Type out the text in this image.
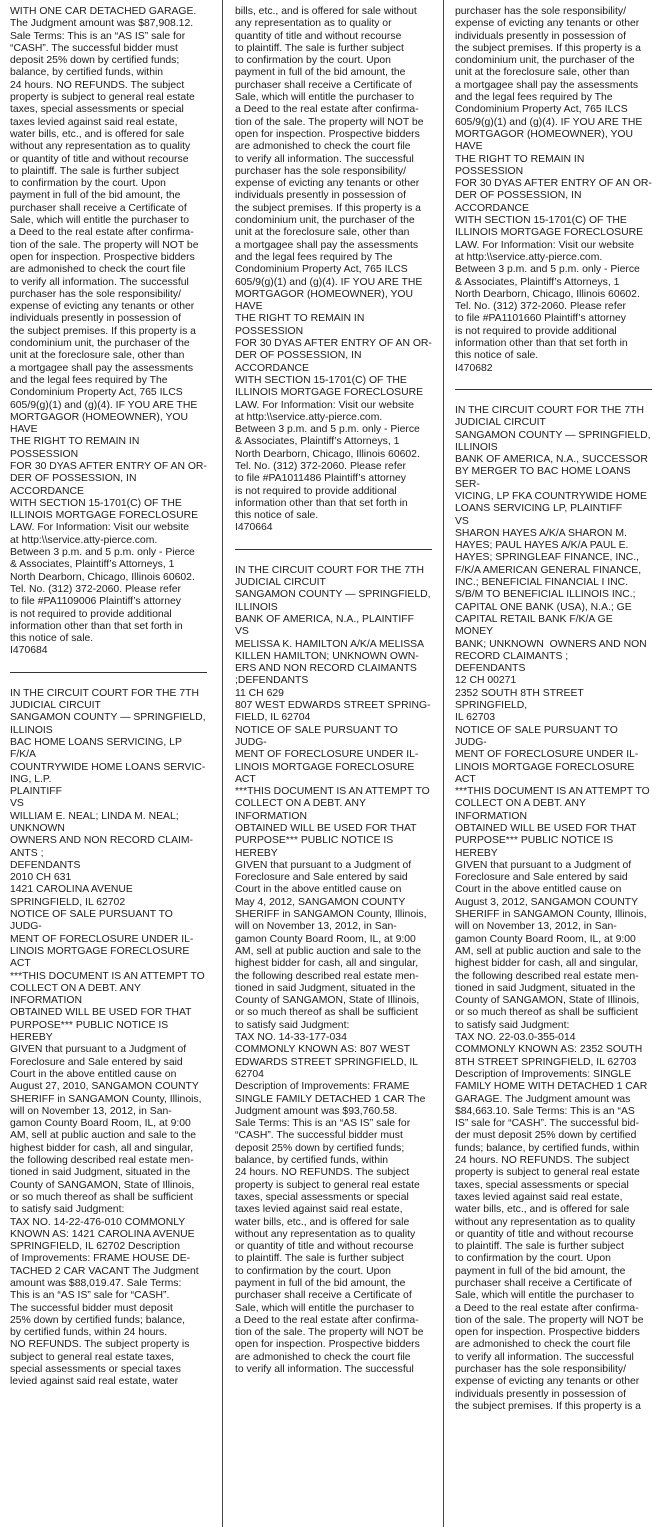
WITH ONE CAR DETACHED GARAGE.
The Judgment amount was $87,908.12.
Sale Terms: This is an “AS IS” sale for
“CASH”. The successful bidder must
deposit 25% down by certified funds;
balance, by certified funds, within
24 hours. NO REFUNDS. The subject
property is subject to general real estate
taxes, special assessments or special
taxes levied against said real estate,
water bills, etc., and is offered for sale
without any representation as to quality
or quantity of title and without recourse
to plaintiff. The sale is further subject
to confirmation by the court. Upon
payment in full of the bid amount, the
purchaser shall receive a Certificate of
Sale, which will entitle the purchaser to
a Deed to the real estate after confirma-
tion of the sale. The property will NOT be
open for inspection. Prospective bidders
are admonished to check the court file
to verify all information. The successful
purchaser has the sole responsibility/
expense of evicting any tenants or other
individuals presently in possession of
the subject premises. If this property is a
condominium unit, the purchaser of the
unit at the foreclosure sale, other than
a mortgagee shall pay the assessments
and the legal fees required by The
Condominium Property Act, 765 ILCS
605/9(g)(1) and (g)(4). IF YOU ARE THE
MORTGAGOR (HOMEOWNER), YOU HAVE
THE RIGHT TO REMAIN IN POSSESSION
FOR 30 DYAS AFTER ENTRY OF AN OR-
DER OF POSSESSION, IN ACCORDANCE
WITH SECTION 15-1701(C) OF THE
ILLINOIS MORTGAGE FORECLOSURE
LAW. For Information: Visit our website
at http:\\service.atty-pierce.com.
Between 3 p.m. and 5 p.m. only - Pierce
& Associates, Plaintiff’s Attorneys, 1
North Dearborn, Chicago, Illinois 60602.
Tel. No. (312) 372-2060. Please refer
to file #PA1109006 Plaintiff’s attorney
is not required to provide additional
information other than that set forth in
this notice of sale.
I470684

IN THE CIRCUIT COURT FOR THE 7TH
JUDICIAL CIRCUIT
SANGAMON COUNTY — SPRINGFIELD,
ILLINOIS
BAC HOME LOANS SERVICING, LP F/K/A
COUNTRYWIDE HOME LOANS SERVIC-
ING, L.P.
PLAINTIFF
VS
WILLIAM E. NEAL; LINDA M. NEAL;
UNKNOWN
OWNERS AND NON RECORD CLAIM-
ANTS ;
DEFENDANTS
2010 CH 631
1421 CAROLINA AVENUE
SPRINGFIELD, IL 62702
NOTICE OF SALE PURSUANT TO JUDG-
MENT OF FORECLOSURE UNDER IL-
LINOIS MORTGAGE FORECLOSURE ACT
***THIS DOCUMENT IS AN ATTEMPT TO
COLLECT ON A DEBT. ANY INFORMATION
OBTAINED WILL BE USED FOR THAT
PURPOSE*** PUBLIC NOTICE IS HEREBY
GIVEN that pursuant to a Judgment of
Foreclosure and Sale entered by said
Court in the above entitled cause on
August 27, 2010, SANGAMON COUNTY
SHERIFF in SANGAMON County, Illinois,
will on November 13, 2012, in San-
gamon County Board Room, IL, at 9:00
AM, sell at public auction and sale to the
highest bidder for cash, all and singular,
the following described real estate men-
tioned in said Judgment, situated in the
County of SANGAMON, State of Illinois,
or so much thereof as shall be sufficient
to satisfy said Judgment:
TAX NO. 14-22-476-010 COMMONLY
KNOWN AS: 1421 CAROLINA AVENUE
SPRINGFIELD, IL 62702 Description
of Improvements: FRAME HOUSE DE-
TACHED 2 CAR VACANT The Judgment
amount was $88,019.47. Sale Terms:
This is an “AS IS” sale for “CASH”.
The successful bidder must deposit
25% down by certified funds; balance,
by certified funds, within 24 hours.
NO REFUNDS. The subject property is
subject to general real estate taxes,
special assessments or special taxes
levied against said real estate, water

bills, etc., and is offered for sale without
any representation as to quality or
quantity of title and without recourse
to plaintiff. The sale is further subject
to confirmation by the court. Upon
payment in full of the bid amount, the
purchaser shall receive a Certificate of
Sale, which will entitle the purchaser to
a Deed to the real estate after confirma-
tion of the sale. The property will NOT be
open for inspection. Prospective bidders
are admonished to check the court file
to verify all information. The successful
purchaser has the sole responsibility/
expense of evicting any tenants or other
individuals presently in possession of
the subject premises. If this property is a
condominium unit, the purchaser of the
unit at the foreclosure sale, other than
a mortgagee shall pay the assessments
and the legal fees required by The
Condominium Property Act, 765 ILCS
605/9(g)(1) and (g)(4). IF YOU ARE THE
MORTGAGOR (HOMEOWNER), YOU HAVE
THE RIGHT TO REMAIN IN POSSESSION
FOR 30 DYAS AFTER ENTRY OF AN OR-
DER OF POSSESSION, IN ACCORDANCE
WITH SECTION 15-1701(C) OF THE
ILLINOIS MORTGAGE FORECLOSURE
LAW. For Information: Visit our website
at http:\\service.atty-pierce.com.
Between 3 p.m. and 5 p.m. only - Pierce
& Associates, Plaintiff’s Attorneys, 1
North Dearborn, Chicago, Illinois 60602.
Tel. No. (312) 372-2060. Please refer
to file #PA1011486 Plaintiff’s attorney
is not required to provide additional
information other than that set forth in
this notice of sale.
I470664

IN THE CIRCUIT COURT FOR THE 7TH
JUDICIAL CIRCUIT
SANGAMON COUNTY — SPRINGFIELD,
ILLINOIS
BANK OF AMERICA, N.A., PLAINTIFF
VS
MELISSA K. HAMILTON A/K/A MELISSA
KILLEN HAMILTON; UNKNOWN OWN-
ERS AND NON RECORD CLAIMANTS
;DEFENDANTS
11 CH 629
807 WEST EDWARDS STREET SPRING-
FIELD, IL 62704
NOTICE OF SALE PURSUANT TO JUDG-
MENT OF FORECLOSURE UNDER IL-
LINOIS MORTGAGE FORECLOSURE ACT
***THIS DOCUMENT IS AN ATTEMPT TO
COLLECT ON A DEBT. ANY INFORMATION
OBTAINED WILL BE USED FOR THAT
PURPOSE*** PUBLIC NOTICE IS HEREBY
GIVEN that pursuant to a Judgment of
Foreclosure and Sale entered by said
Court in the above entitled cause on
May 4, 2012, SANGAMON COUNTY
SHERIFF in SANGAMON County, Illinois,
will on November 13, 2012, in San-
gamon County Board Room, IL, at 9:00
AM, sell at public auction and sale to the
highest bidder for cash, all and singular,
the following described real estate men-
tioned in said Judgment, situated in the
County of SANGAMON, State of Illinois,
or so much thereof as shall be sufficient
to satisfy said Judgment:
TAX NO. 14-33-177-034
COMMONLY KNOWN AS: 807 WEST
EDWARDS STREET SPRINGFIELD, IL
62704
Description of Improvements: FRAME
SINGLE FAMILY DETACHED 1 CAR The
Judgment amount was $93,760.58.
Sale Terms: This is an “AS IS” sale for
“CASH”. The successful bidder must
deposit 25% down by certified funds;
balance, by certified funds, within
24 hours. NO REFUNDS. The subject
property is subject to general real estate
taxes, special assessments or special
taxes levied against said real estate,
water bills, etc., and is offered for sale
without any representation as to quality
or quantity of title and without recourse
to plaintiff. The sale is further subject
to confirmation by the court. Upon
payment in full of the bid amount, the
purchaser shall receive a Certificate of
Sale, which will entitle the purchaser to
a Deed to the real estate after confirma-
tion of the sale. The property will NOT be
open for inspection. Prospective bidders
are admonished to check the court file
to verify all information. The successful

purchaser has the sole responsibility/
expense of evicting any tenants or other
individuals presently in possession of
the subject premises. If this property is a
condominium unit, the purchaser of the
unit at the foreclosure sale, other than
a mortgagee shall pay the assessments
and the legal fees required by The
Condominium Property Act, 765 ILCS
605/9(g)(1) and (g)(4). IF YOU ARE THE
MORTGAGOR (HOMEOWNER), YOU HAVE
THE RIGHT TO REMAIN IN POSSESSION
FOR 30 DYAS AFTER ENTRY OF AN OR-
DER OF POSSESSION, IN ACCORDANCE
WITH SECTION 15-1701(C) OF THE
ILLINOIS MORTGAGE FORECLOSURE
LAW. For Information: Visit our website
at http:\\service.atty-pierce.com.
Between 3 p.m. and 5 p.m. only - Pierce
& Associates, Plaintiff’s Attorneys, 1
North Dearborn, Chicago, Illinois 60602.
Tel. No. (312) 372-2060. Please refer
to file #PA1101660 Plaintiff’s attorney
is not required to provide additional
information other than that set forth in
this notice of sale.
I470682

IN THE CIRCUIT COURT FOR THE 7TH
JUDICIAL CIRCUIT
SANGAMON COUNTY — SPRINGFIELD,
ILLINOIS
BANK OF AMERICA, N.A., SUCCESSOR
BY MERGER TO BAC HOME LOANS SER-
VICING, LP FKA COUNTRYWIDE HOME
LOANS SERVICING LP, PLAINTIFF
VS
SHARON HAYES A/K/A SHARON M.
HAYES; PAUL HAYES A/K/A PAUL E.
HAYES; SPRINGLEAF FINANCE, INC.,
F/K/A AMERICAN GENERAL FINANCE,
INC.; BENEFICIAL FINANCIAL I INC.
S/B/M TO BENEFICIAL ILLINOIS INC.;
CAPITAL ONE BANK (USA), N.A.; GE
CAPITAL RETAIL BANK F/K/A GE MONEY
BANK; UNKNOWN  OWNERS AND NON
RECORD CLAIMANTS ;
DEFENDANTS
12 CH 00271
2352 SOUTH 8TH STREET SPRINGFIELD,
IL 62703
NOTICE OF SALE PURSUANT TO JUDG-
MENT OF FORECLOSURE UNDER IL-
LINOIS MORTGAGE FORECLOSURE ACT
***THIS DOCUMENT IS AN ATTEMPT TO
COLLECT ON A DEBT. ANY INFORMATION
OBTAINED WILL BE USED FOR THAT
PURPOSE*** PUBLIC NOTICE IS HEREBY
GIVEN that pursuant to a Judgment of
Foreclosure and Sale entered by said
Court in the above entitled cause on
August 3, 2012, SANGAMON COUNTY
SHERIFF in SANGAMON County, Illinois,
will on November 13, 2012, in San-
gamon County Board Room, IL, at 9:00
AM, sell at public auction and sale to the
highest bidder for cash, all and singular,
the following described real estate men-
tioned in said Judgment, situated in the
County of SANGAMON, State of Illinois,
or so much thereof as shall be sufficient
to satisfy said Judgment:
TAX NO. 22-03.0-355-014
COMMONLY KNOWN AS: 2352 SOUTH
8TH STREET SPRINGFIELD, IL 62703
Description of Improvements: SINGLE
FAMILY HOME WITH DETACHED 1 CAR
GARAGE. The Judgment amount was
$84,663.10. Sale Terms: This is an “AS
IS” sale for “CASH”. The successful bid-
der must deposit 25% down by certified
funds; balance, by certified funds, within
24 hours. NO REFUNDS. The subject
property is subject to general real estate
taxes, special assessments or special
taxes levied against said real estate,
water bills, etc., and is offered for sale
without any representation as to quality
or quantity of title and without recourse
to plaintiff. The sale is further subject
to confirmation by the court. Upon
payment in full of the bid amount, the
purchaser shall receive a Certificate of
Sale, which will entitle the purchaser to
a Deed to the real estate after confirma-
tion of the sale. The property will NOT be
open for inspection. Prospective bidders
are admonished to check the court file
to verify all information. The successful
purchaser has the sole responsibility/
expense of evicting any tenants or other
individuals presently in possession of
the subject premises. If this property is a
